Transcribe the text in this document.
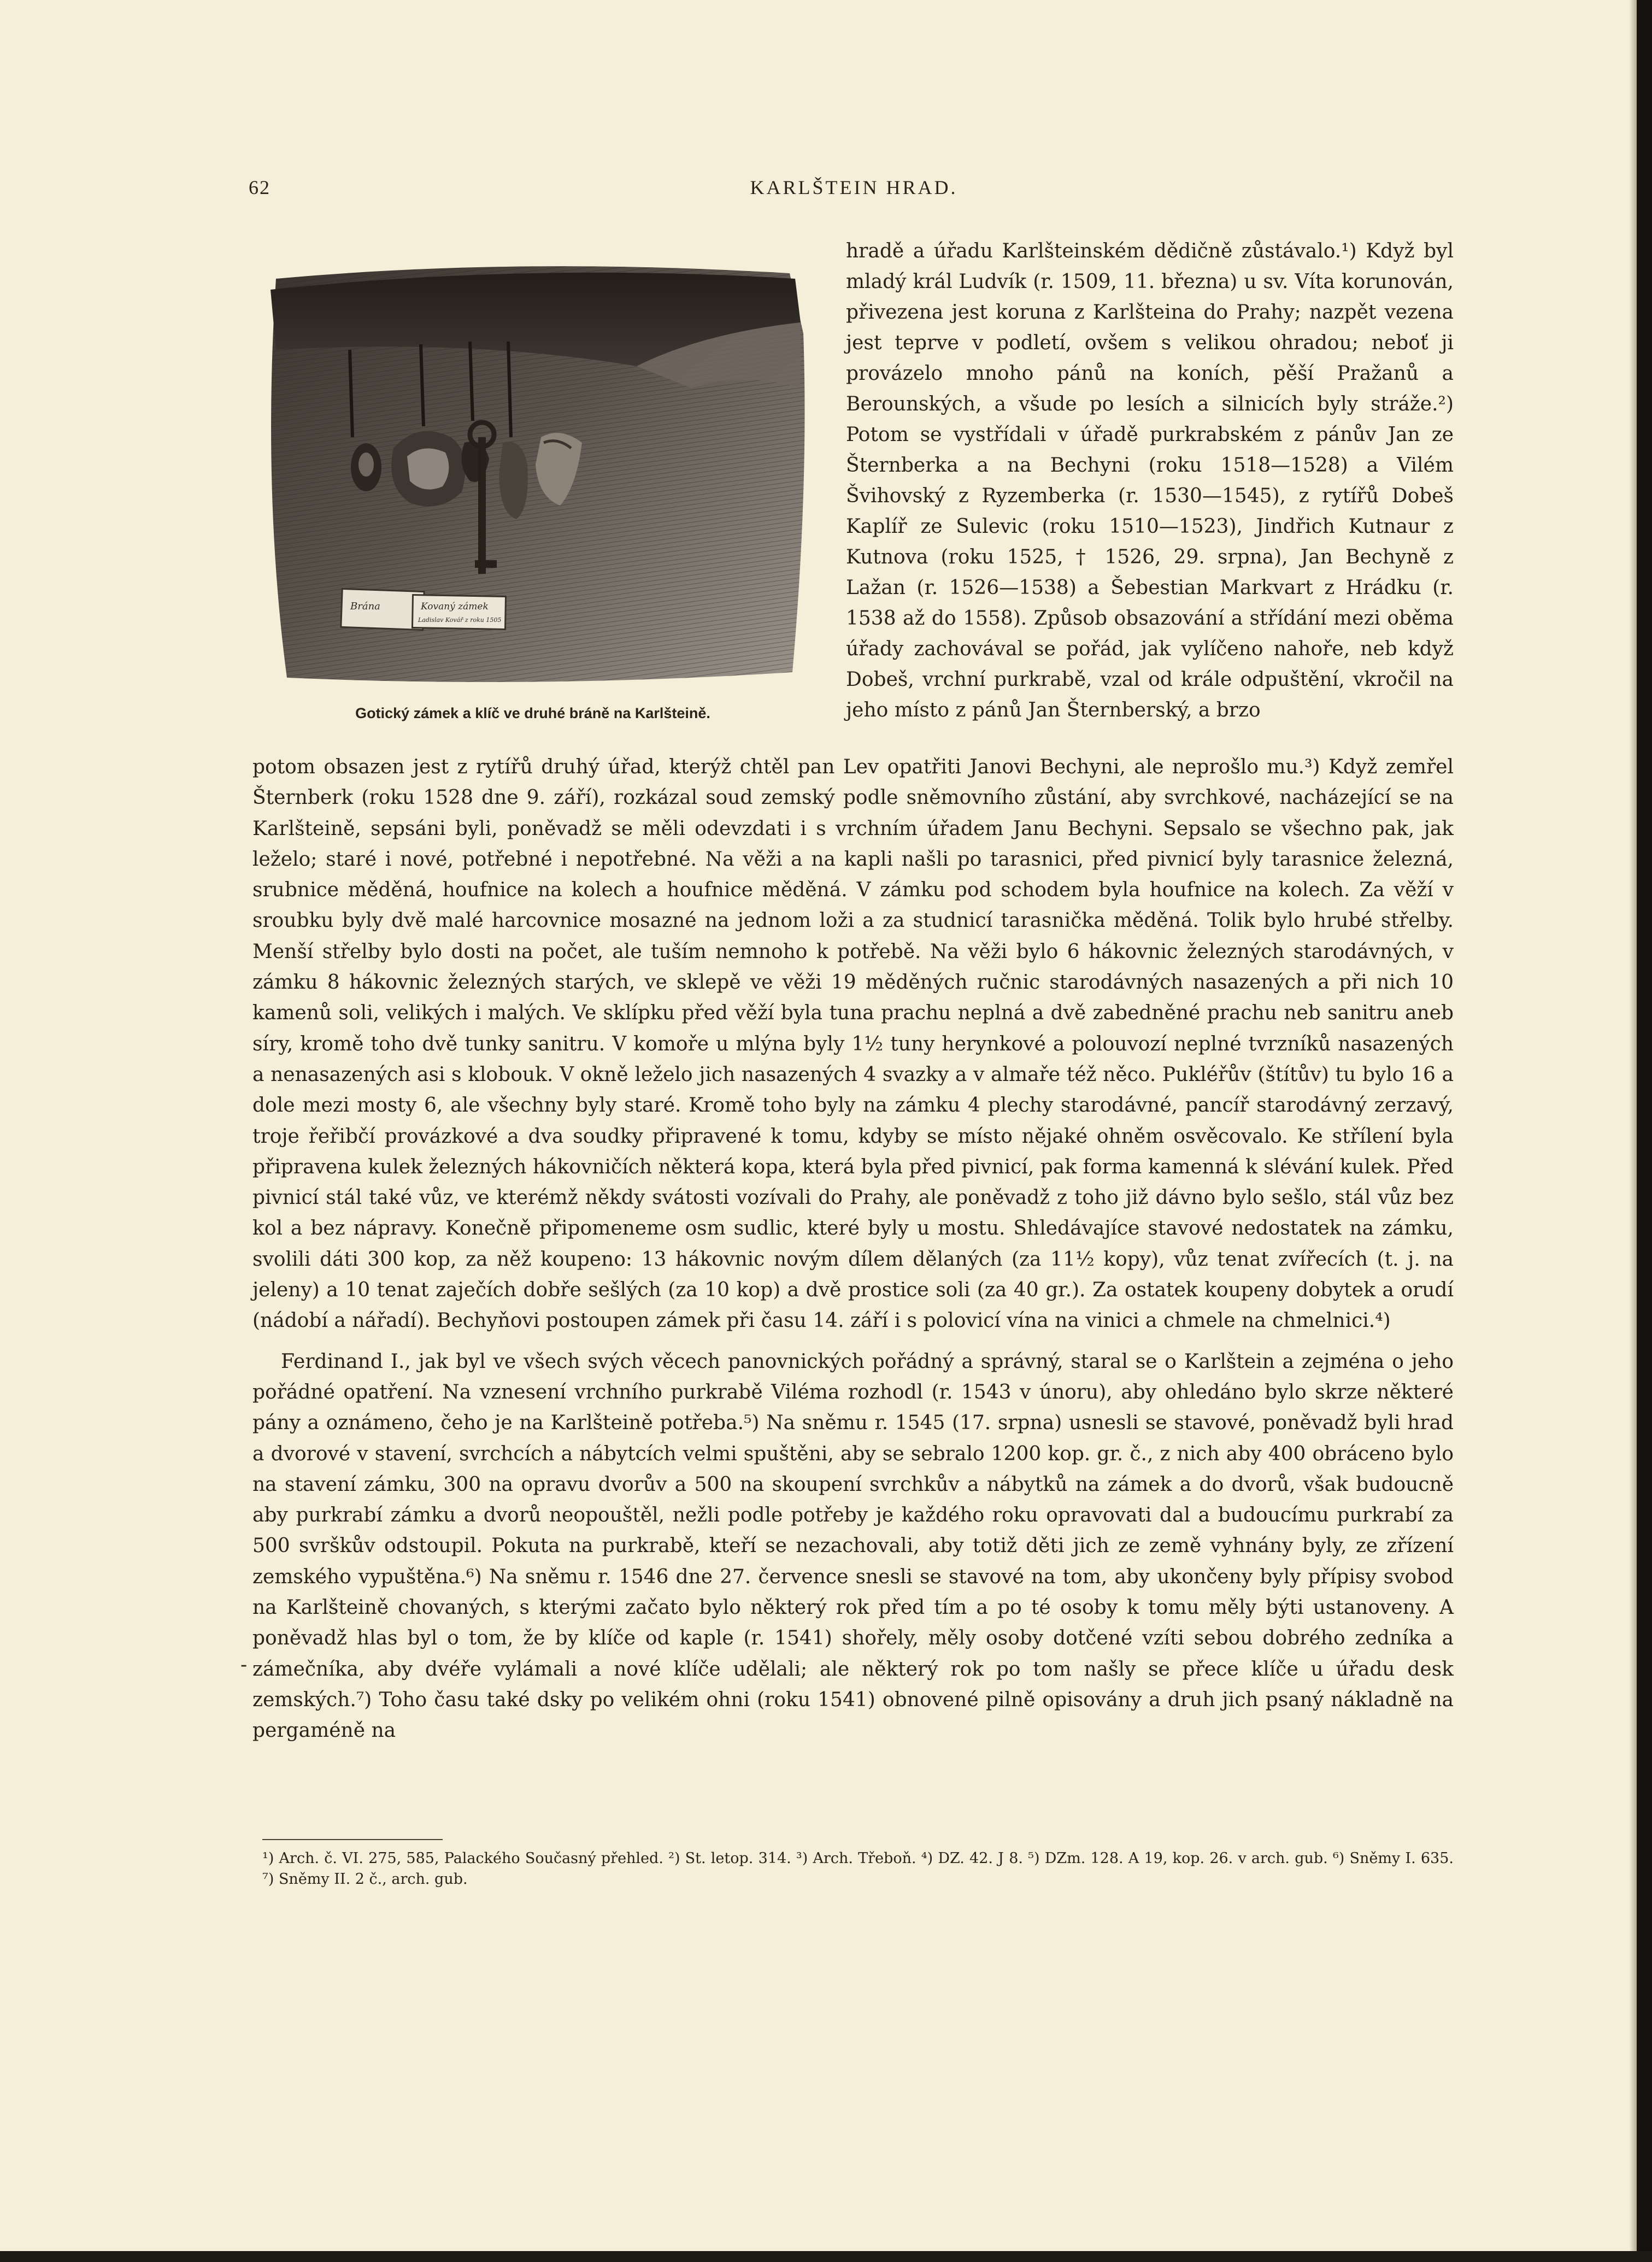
62	KARLŠTEIN HRAD.
Brána	Kovaný zámek
Ladislav Kovář z roku 1505
Gotický zámek a klíč ve druhé bráně na Karlšteině.

hradě a úřadu Karlšteinském dědičně zůstávalo.¹) Když byl mladý král Ludvík (r. 1509, 11. března) u sv. Víta korunován, přivezena jest koruna z Karlšteina do Prahy; nazpět vezena jest teprve v podletí, ovšem s velikou ohradou; neboť ji provázelo mnoho pánů na koních, pěší Pražanů a Berounských, a všude po lesích a silnicích byly stráže.²) Potom se vystřídali v úřadě purkrabském z pánův Jan ze Šternberka a na Bechyni (roku 1518—1528) a Vilém Švihovský z Ryzemberka (r. 1530—1545), z rytířů Dobeš Kaplíř ze Sulevic (roku 1510—1523), Jindřich Kutnaur z Kutnova (roku 1525, † 1526, 29. srpna), Jan Bechyně z Lažan (r. 1526—1538) a Šebestian Markvart z Hrádku (r. 1538 až do 1558). Způsob obsazování a střídání mezi oběma úřady zachovával se pořád, jak vylíčeno nahoře, neb když Dobeš, vrchní purkrabě, vzal od krále odpuštění, vkročil na jeho místo z pánů Jan Šternberský, a brzo

potom obsazen jest z rytířů druhý úřad, kterýž chtěl pan Lev opatřiti Janovi Bechyni, ale neprošlo mu.³) Když zemřel Šternberk (roku 1528 dne 9. září), rozkázal soud zemský podle sněmovního zůstání, aby svrchkové, nacházející se na Karlšteině, sepsáni byli, poněvadž se měli odevzdati i s vrchním úřadem Janu Bechyni. Sepsalo se všechno pak, jak leželo; staré i nové, potřebné i nepotřebné. Na věži a na kapli našli po tarasnici, před pivnicí byly tarasnice železná, srubnice měděná, houfnice na kolech a houfnice měděná. V zámku pod schodem byla houfnice na kolech. Za věží v sroubku byly dvě malé harcovnice mosazné na jednom loži a za studnicí tarasnička měděná. Tolik bylo hrubé střelby. Menší střelby bylo dosti na počet, ale tuším nemnoho k potřebě. Na věži bylo 6 hákovnic železných starodávných, v zámku 8 hákovnic železných starých, ve sklepě ve věži 19 měděných ručnic starodávných nasazených a při nich 10 kamenů soli, velikých i malých. Ve sklípku před věží byla tuna prachu neplná a dvě zabedněné prachu neb sanitru aneb síry, kromě toho dvě tunky sanitru. V komoře u mlýna byly 1½ tuny herynkové a polouvozí neplné tvrzníků nasazených a nenasazených asi s klobouk. V okně leželo jich nasazených 4 svazky a v almaře též něco. Pukléřův (štítův) tu bylo 16 a dole mezi mosty 6, ale všechny byly staré. Kromě toho byly na zámku 4 plechy starodávné, pancíř starodávný zerzavý, troje řeřibčí provázkové a dva soudky připravené k tomu, kdyby se místo nějaké ohněm osvěcovalo. Ke střílení byla připravena kulek železných hákovničích některá kopa, která byla před pivnicí, pak forma kamenná k slévání kulek. Před pivnicí stál také vůz, ve kterémž někdy svátosti vozívali do Prahy, ale poněvadž z toho již dávno bylo sešlo, stál vůz bez kol a bez nápravy. Konečně připomeneme osm sudlic, které byly u mostu. Shledávajíce stavové nedostatek na zámku, svolili dáti 300 kop, za něž koupeno: 13 hákovnic novým dílem dělaných (za 11½ kopy), vůz tenat zvířecích (t. j. na jeleny) a 10 tenat zaječích dobře sešlých (za 10 kop) a dvě prostice soli (za 40 gr.). Za ostatek koupeny dobytek a orudí (nádobí a nářadí). Bechyňovi postoupen zámek při času 14. září i s polovicí vína na vinici a chmele na chmelnici.⁴)

Ferdinand I., jak byl ve všech svých věcech panovnických pořádný a správný, staral se o Karlštein a zejména o jeho pořádné opatření. Na vznesení vrchního purkrabě Viléma rozhodl (r. 1543 v únoru), aby ohledáno bylo skrze některé pány a oznámeno, čeho je na Karlšteině potřeba.⁵) Na sněmu r. 1545 (17. srpna) usnesli se stavové, poněvadž byli hrad a dvorové v stavení, svrchcích a nábytcích velmi spuštěni, aby se sebralo 1200 kop. gr. č., z nich aby 400 obráceno bylo na stavení zámku, 300 na opravu dvorův a 500 na skoupení svrchkův a nábytků na zámek a do dvorů, však budoucně aby purkrabí zámku a dvorů neopouštěl, nežli podle potřeby je každého roku opravovati dal a budoucímu purkrabí za 500 svrškův odstoupil. Pokuta na purkrabě, kteří se nezachovali, aby totiž děti jich ze země vyhnány byly, ze zřízení zemského vypuštěna.⁶) Na sněmu r. 1546 dne 27. července snesli se stavové na tom, aby ukončeny byly přípisy svobod na Karlšteině chovaných, s kterými začato bylo některý rok před tím a po té osoby k tomu měly býti ustanoveny. A poněvadž hlas byl o tom, že by klíče od kaple (r. 1541) shořely, měly osoby dotčené vzíti sebou dobrého zedníka a zámečníka, aby dvéře vylámali a nové klíče udělali; ale některý rok po tom našly se přece klíče u úřadu desk zemských.⁷) Toho času také dsky po velikém ohni (roku 1541) obnovené pilně opisovány a druh jich psaný nákladně na pergaméně na

-
¹) Arch. č. VI. 275, 585, Palackého Současný přehled. ²) St. letop. 314. ³) Arch. Třeboň. ⁴) DZ. 42. J 8. ⁵) DZm. 128. A 19, kop. 26. v arch. gub. ⁶) Sněmy I. 635. ⁷) Sněmy II. 2 č., arch. gub.
